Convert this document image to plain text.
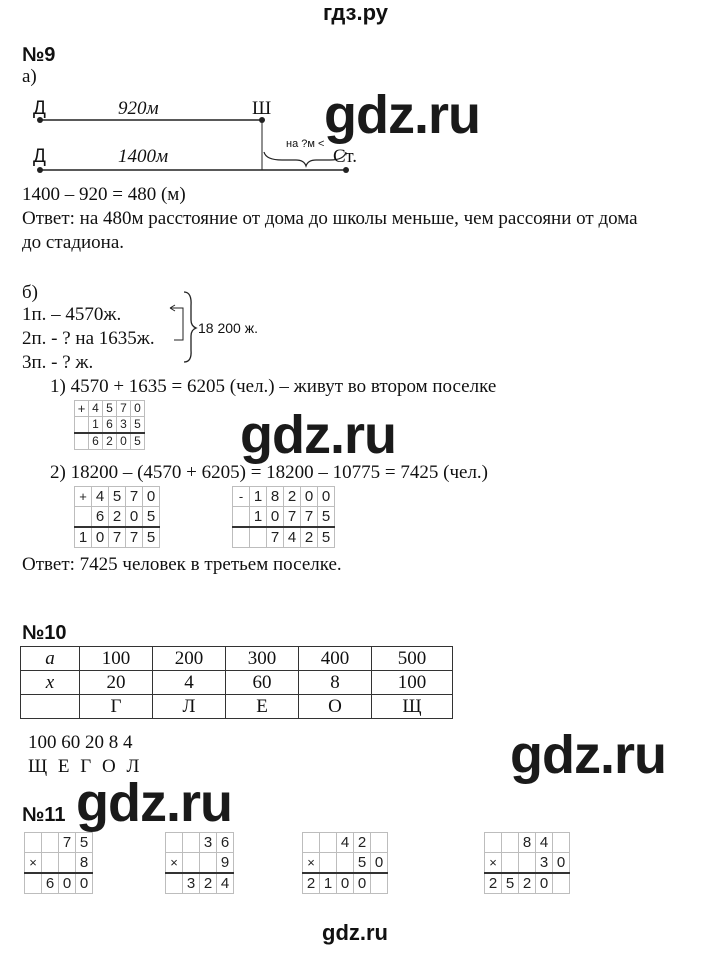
гдз.ру
№9
а)
Д	920м	Ш
Д	1400м
на ?м <
Ст.
1400 – 920 = 480 (м)
Ответ: на 480м расстояние от дома до школы меньше, чем рассояни от дома
до стадиона.
б)
1п. – 4570ж.
2п. - ? на 1635ж.
3п. - ? ж.
18 200 ж.
1) 4570 + 1635 = 6205 (чел.) – живут во втором поселке
+	4	5	7	0
	1	6	3	5
	6	2	0	5
2) 18200 – (4570 + 6205) = 18200 – 10775 = 7425 (чел.)
+	4	5	7	0
	6	2	0	5
1	0	7	7	5
-	1	8	2	0	0
	1	0	7	7	5
		7	4	2	5
Ответ: 7425 человек в третьем поселке.
№10
a	100	200	300	400	500
x	20	4	60	8	100
	Г	Л	Е	О	Щ
100 60 20 8 4
Щ Е Г О Л
№11
		7	5
×			8
	6	0	0
		3	6
×			9
	3	2	4
		4	2	
×			5	0
2	1	0	0	
		8	4	
×			3	0
2	5	2	0	
gdz.ru
gdz.ru
gdz.ru
gdz.ru
gdz.ru
